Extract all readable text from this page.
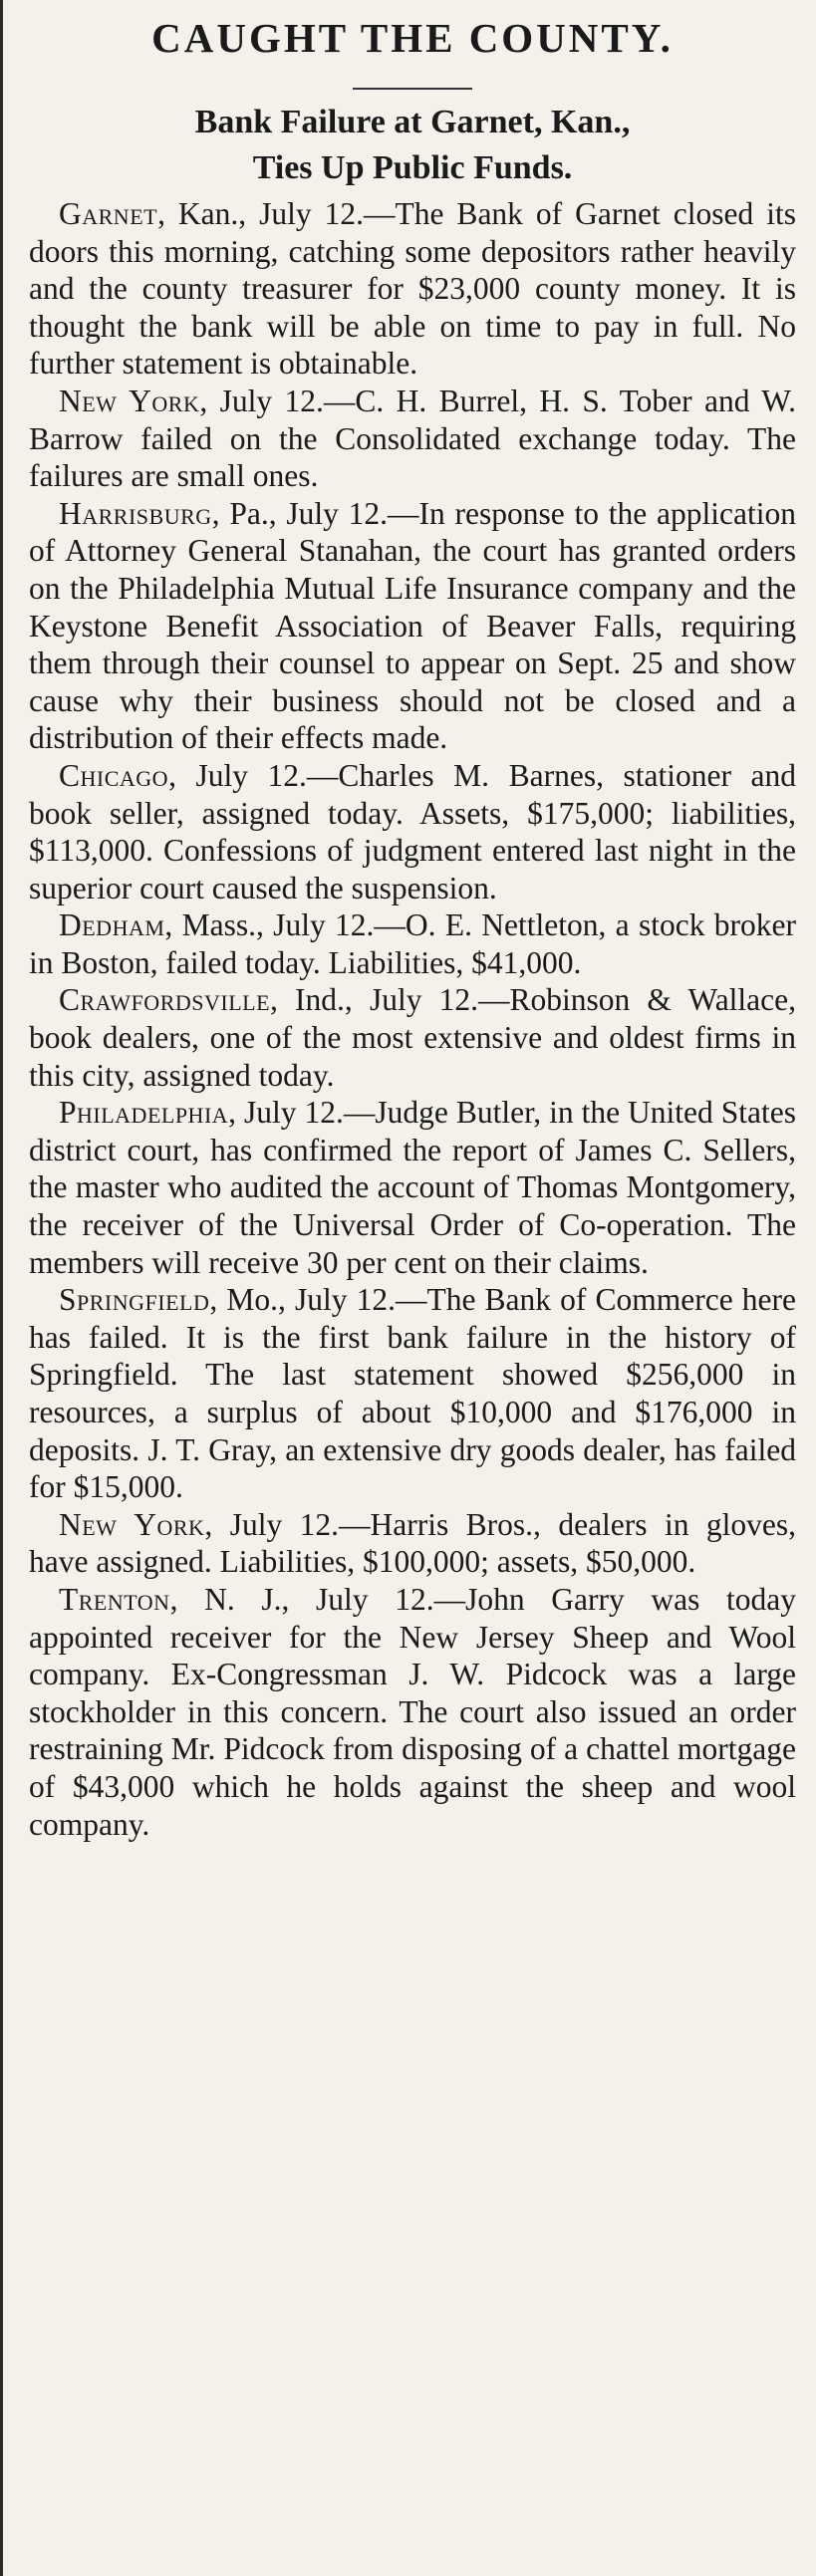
CAUGHT THE COUNTY.
Bank Failure at Garnet, Kan.,
Ties Up Public Funds.

Garnet, Kan., July 12.—The Bank of Garnet closed its doors this morning, catching some depositors rather heavily and the county treasurer for $23,000 county money. It is thought the bank will be able on time to pay in full. No further statement is obtainable.

New York, July 12.—C. H. Burrel, H. S. Tober and W. Barrow failed on the Consolidated exchange today. The failures are small ones.

Harrisburg, Pa., July 12.—In response to the application of Attorney General Stanahan, the court has granted orders on the Philadelphia Mutual Life Insurance company and the Keystone Benefit Association of Beaver Falls, requiring them through their counsel to appear on Sept. 25 and show cause why their business should not be closed and a distribution of their effects made.

Chicago, July 12.—Charles M. Barnes, stationer and book seller, assigned today. Assets, $175,000; liabilities, $113,000. Confessions of judgment entered last night in the superior court caused the suspension.

Dedham, Mass., July 12.—O. E. Nettleton, a stock broker in Boston, failed today. Liabilities, $41,000.

Crawfordsville, Ind., July 12.—Robinson & Wallace, book dealers, one of the most extensive and oldest firms in this city, assigned today.

Philadelphia, July 12.—Judge Butler, in the United States district court, has confirmed the report of James C. Sellers, the master who audited the account of Thomas Montgomery, the receiver of the Universal Order of Co-operation. The members will receive 30 per cent on their claims.

Springfield, Mo., July 12.—The Bank of Commerce here has failed. It is the first bank failure in the history of Springfield. The last statement showed $256,000 in resources, a surplus of about $10,000 and $176,000 in deposits. J. T. Gray, an extensive dry goods dealer, has failed for $15,000.

New York, July 12.—Harris Bros., dealers in gloves, have assigned. Liabilities, $100,000; assets, $50,000.

Trenton, N. J., July 12.—John Garry was today appointed receiver for the New Jersey Sheep and Wool company. Ex-Congressman J. W. Pidcock was a large stockholder in this concern. The court also issued an order restraining Mr. Pidcock from disposing of a chattel mortgage of $43,000 which he holds against the sheep and wool company.
